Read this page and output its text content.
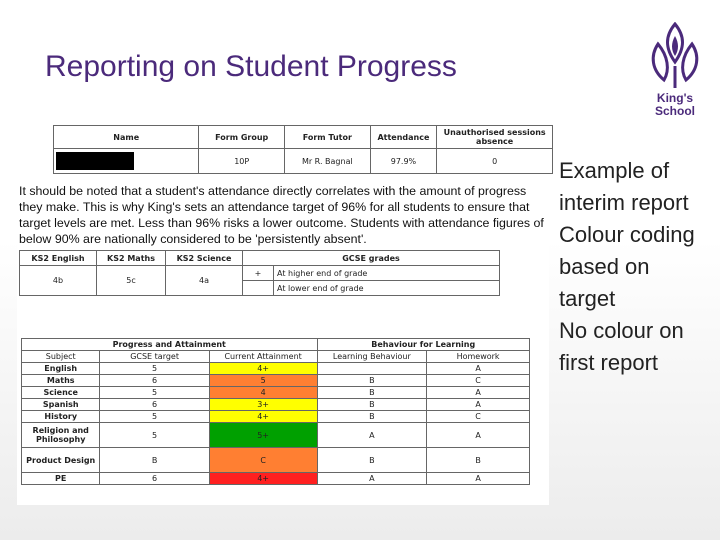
Reporting on Student Progress
King's
School
Example of
interim report
Colour coding
based on
target
No colour on
first report
Name	Form Group	Form Tutor	Attendance	Unauthorised sessions absence

	10P	Mr R. Bagnal	97.9%	0
It should be noted that a student's attendance directly correlates with the amount of progress they make. This is why King's sets an attendance target of 96% for all students to ensure that target levels are met. Less than 96% risks a lower outcome. Students with attendance figures of below 90% are nationally considered to be 'persistently absent'.
KS2 English	KS2 Maths	KS2 Science	GCSE grades	
4b	5c	4a	+	At higher end of grade
				At lower end of grade
Progress and Attainment			Behaviour for Learning	
Subject	GCSE target	Current Attainment	Learning Behaviour	Homework
English	5	4+		A
Maths	6	5	B	C
Science	5	4	B	A
Spanish	6	3+	B	A
History	5	4+	B	C
Religion and Philosophy	5	5+	A	A
Product Design	B	C	B	B
PE	6	4+	A	A
